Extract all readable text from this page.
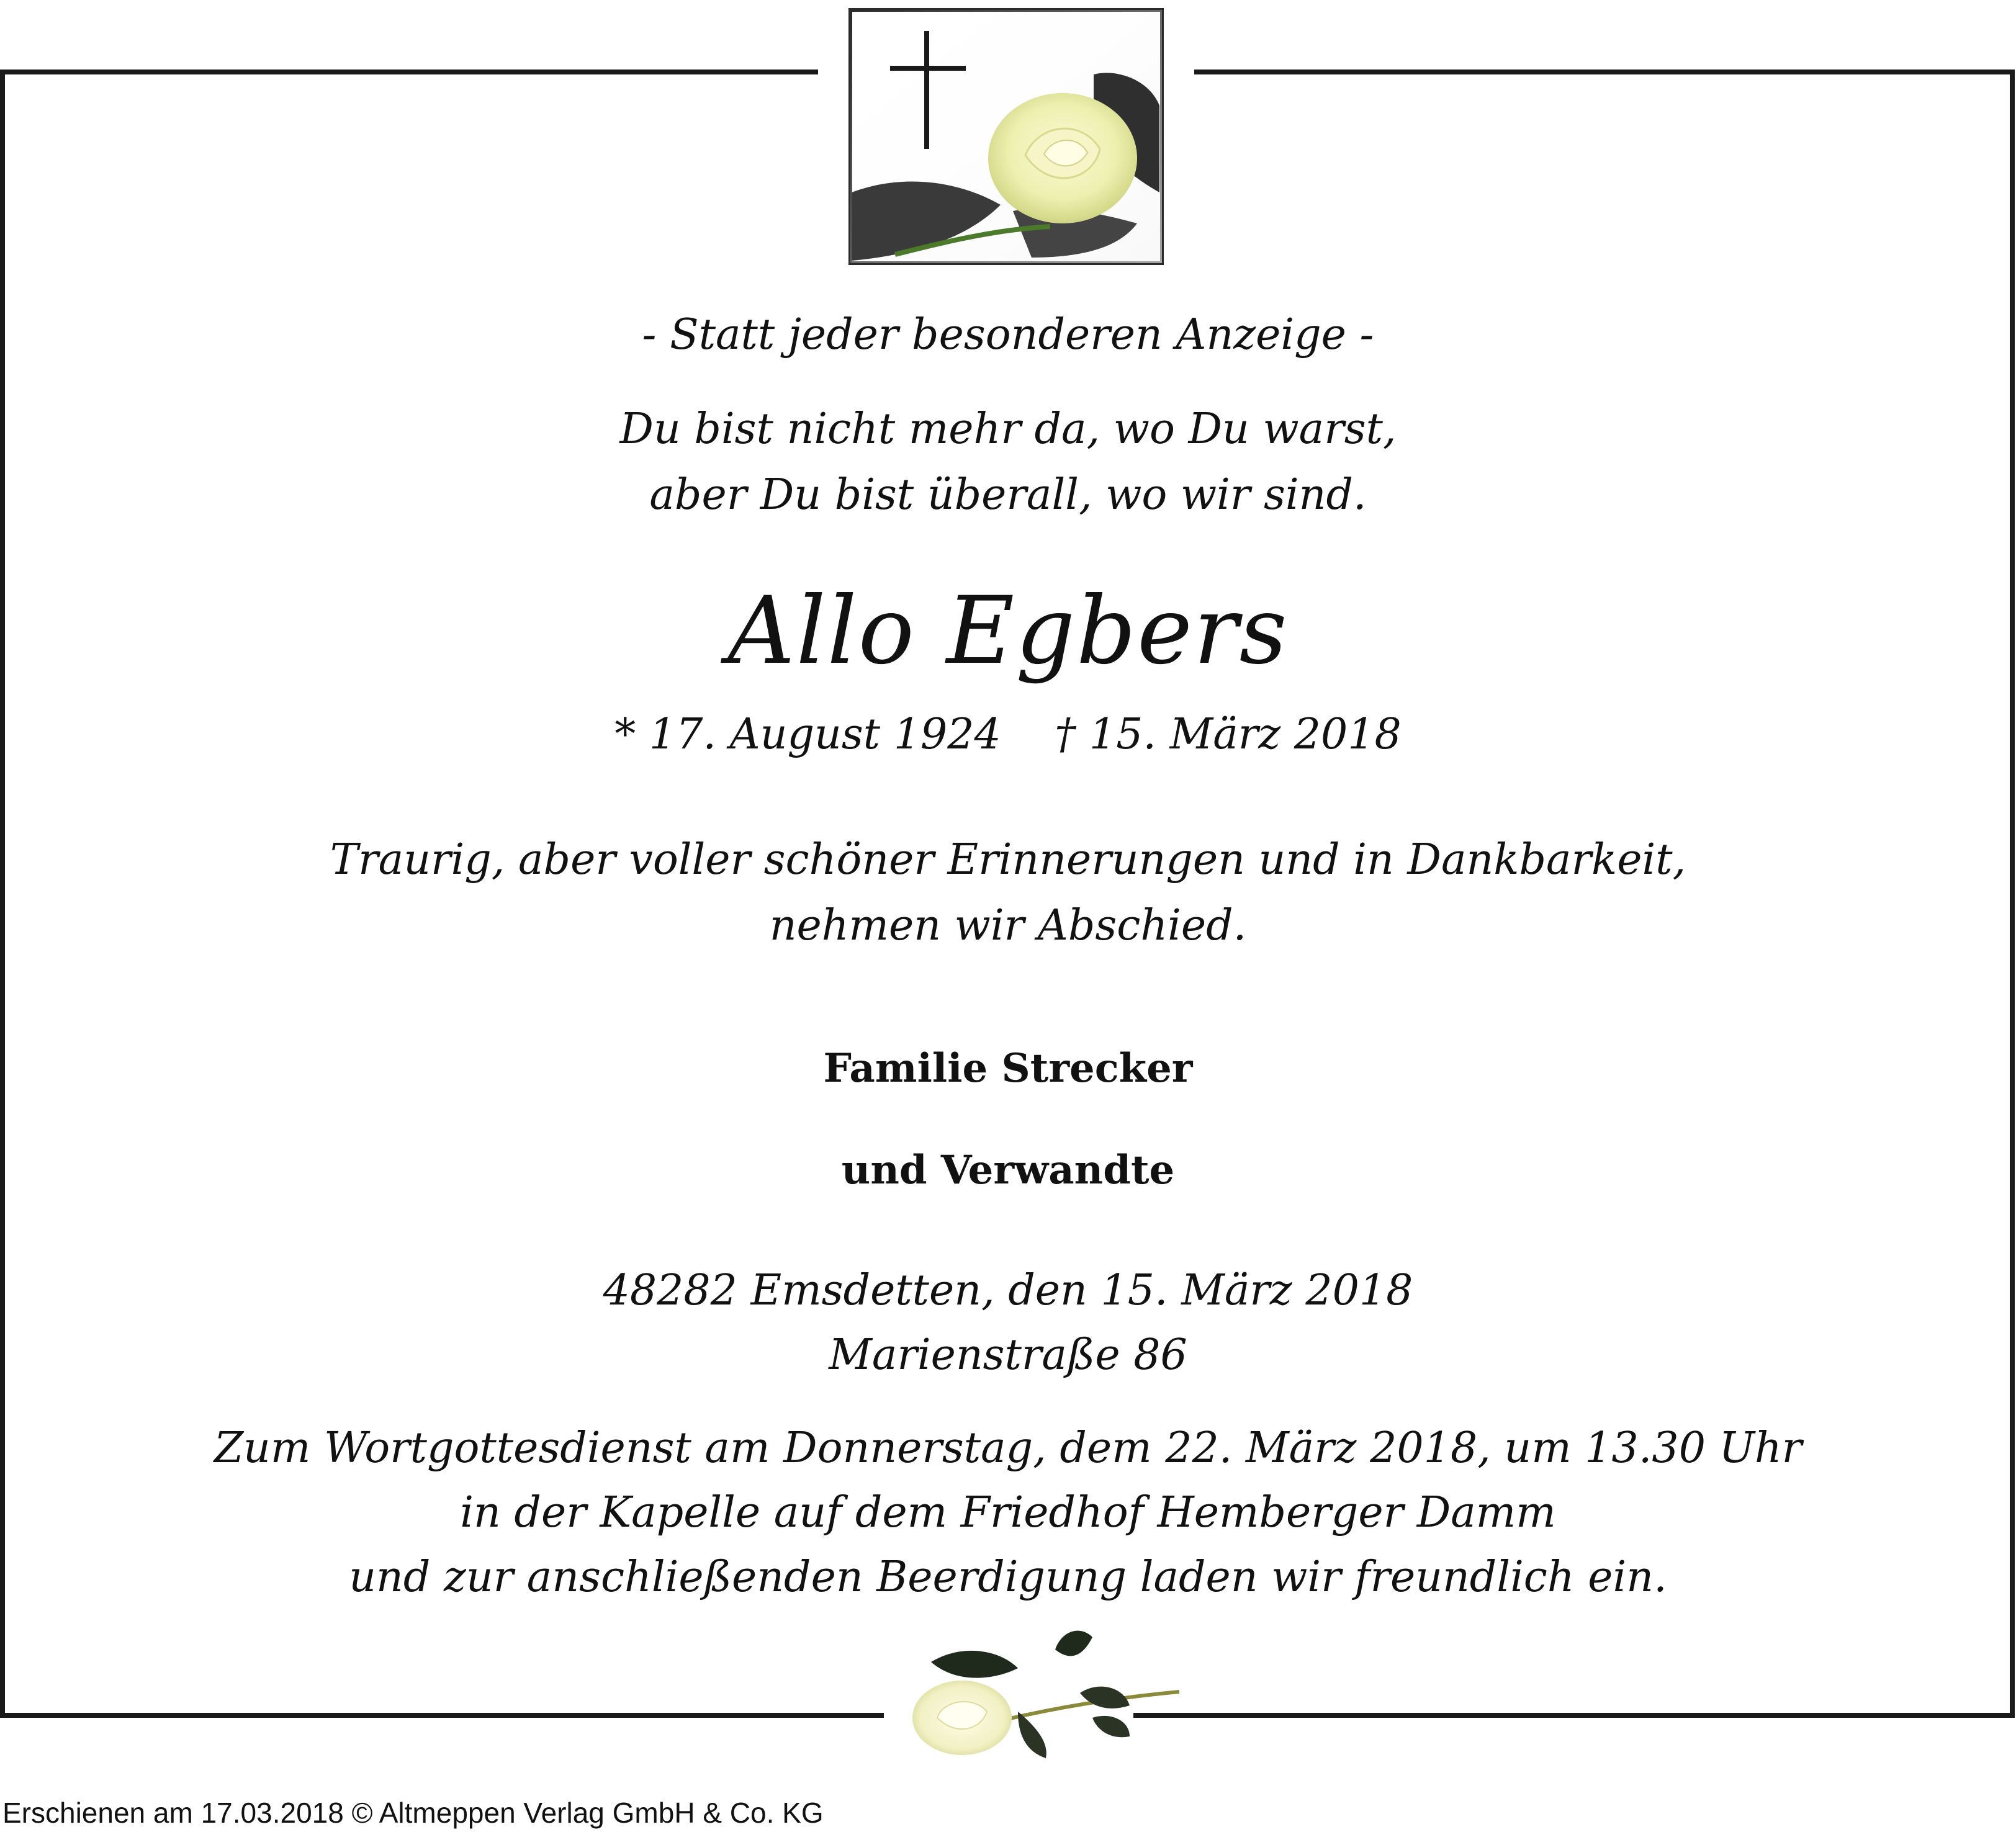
- Statt jeder besonderen Anzeige -
Du bist nicht mehr da, wo Du warst,
aber Du bist überall, wo wir sind.
Allo Egbers
* 17. August 1924    † 15. März 2018
Traurig, aber voller schöner Erinnerungen und in Dankbarkeit,
nehmen wir Abschied.
Familie Strecker
und Verwandte
48282 Emsdetten, den 15. März 2018
Marienstraße 86
Zum Wortgottesdienst am Donnerstag, dem 22. März 2018, um 13.30 Uhr
in der Kapelle auf dem Friedhof Hemberger Damm
und zur anschließenden Beerdigung laden wir freundlich ein.
Erschienen am 17.03.2018 © Altmeppen Verlag GmbH & Co. KG
